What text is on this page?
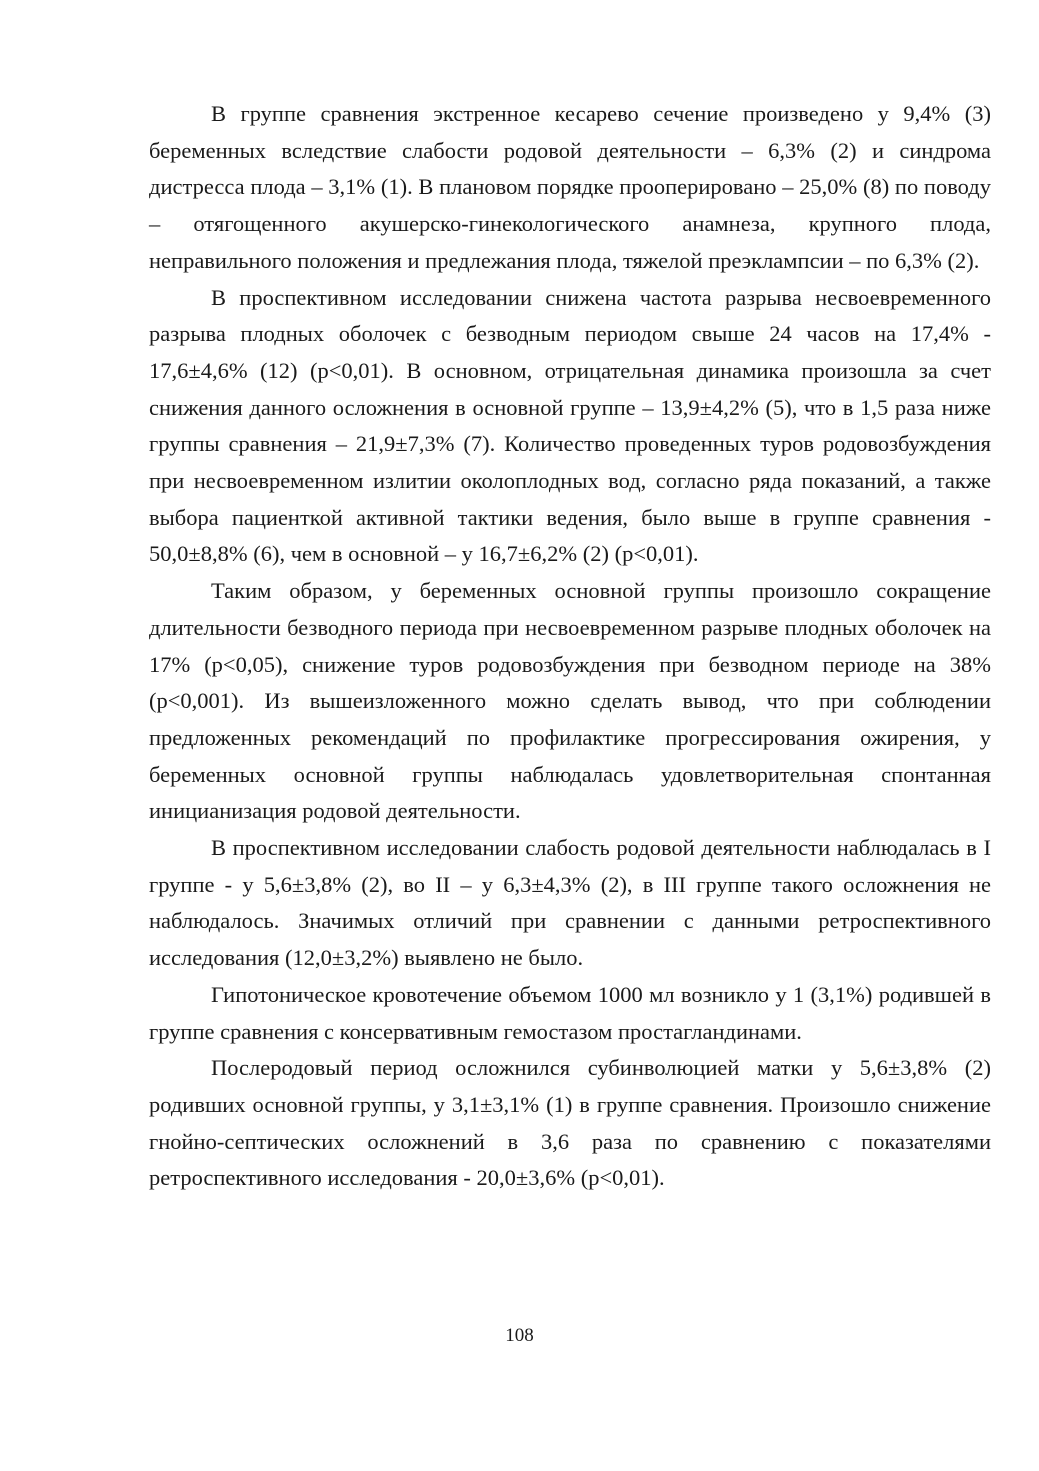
В группе сравнения экстренное кесарево сечение произведено у 9,4% (3) беременных вследствие слабости родовой деятельности – 6,3% (2) и синдрома дистресса плода – 3,1% (1). В плановом порядке прооперировано – 25,0% (8) по поводу – отягощенного акушерско-гинекологического анамнеза, крупного плода, неправильного положения и предлежания плода, тяжелой преэклампсии – по 6,3% (2).

В проспективном исследовании снижена частота разрыва несвоевременного разрыва плодных оболочек с безводным периодом свыше 24 часов на 17,4% - 17,6±4,6% (12) (p<0,01). В основном, отрицательная динамика произошла за счет снижения данного осложнения в основной группе – 13,9±4,2% (5), что в 1,5 раза ниже группы сравнения – 21,9±7,3% (7). Количество проведенных туров родовозбуждения при несвоевременном излитии околоплодных вод, согласно ряда показаний, а также выбора пациенткой активной тактики ведения, было выше в группе сравнения - 50,0±8,8% (6), чем в основной – у 16,7±6,2% (2) (p<0,01).

Таким образом, у беременных основной группы произошло сокращение длительности безводного периода при несвоевременном разрыве плодных оболочек на 17% (p<0,05), снижение туров родовозбуждения при безводном периоде на 38% (p<0,001). Из вышеизложенного можно сделать вывод, что при соблюдении предложенных рекомендаций по профилактике прогрессирования ожирения, у беременных основной группы наблюдалась удовлетворительная спонтанная иницианизация родовой деятельности.

В проспективном исследовании слабость родовой деятельности наблюдалась в I группе - у 5,6±3,8% (2), во II – у 6,3±4,3% (2), в III группе такого осложнения не наблюдалось. Значимых отличий при сравнении с данными ретроспективного исследования (12,0±3,2%) выявлено не было.

Гипотоническое кровотечение объемом 1000 мл возникло у 1 (3,1%) родившей в группе сравнения с консервативным гемостазом простагландинами.

Послеродовый период осложнился субинволюцией матки у 5,6±3,8% (2) родивших основной группы, у 3,1±3,1% (1) в группе сравнения. Произошло снижение гнойно-септических осложнений в 3,6 раза по сравнению с показателями ретроспективного исследования - 20,0±3,6% (p<0,01).

108
